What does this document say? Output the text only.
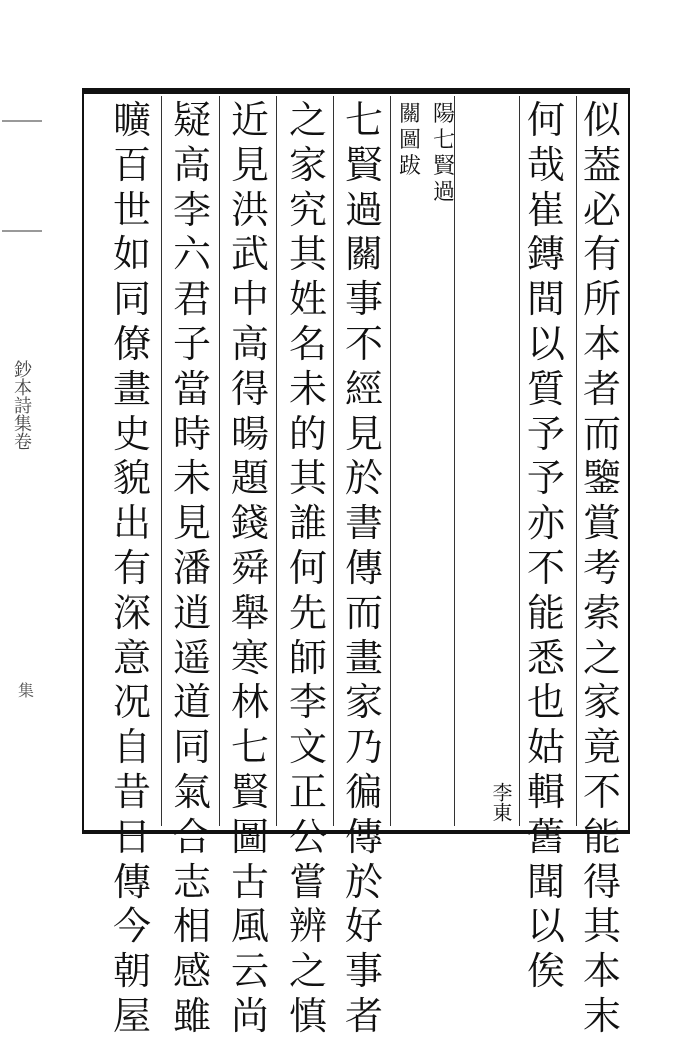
鈔本詩集卷
集
似
葢
必
有
所
本
者
而
鑒
賞
考
索
之
家
竟
不
能
得
其
本
末
何
哉
崔
鏄
間
以
質
予
予
亦
不
能
悉
也
姑
輯
舊
聞
以
俟
李東
陽七賢過
關圖跋
七
賢
過
關
事
不
經
見
於
書
傳
而
畫
家
乃
徧
傳
於
好
事
者
之
家
究
其
姓
名
未
的
其
誰
何
先
師
李
文
正
公
嘗
辨
之
慎
近
見
洪
武
中
高
得
暘
題
錢
舜
舉
寒
林
七
賢
圖
古
風
云
尚
疑
高
李
六
君
子
當
時
未
見
潘
逍
遥
道
同
氣
合
志
相
感
雖
曠
百
世
如
同
僚
畫
史
貌
出
有
深
意
况
自
昔
日
傳
今
朝
屋
